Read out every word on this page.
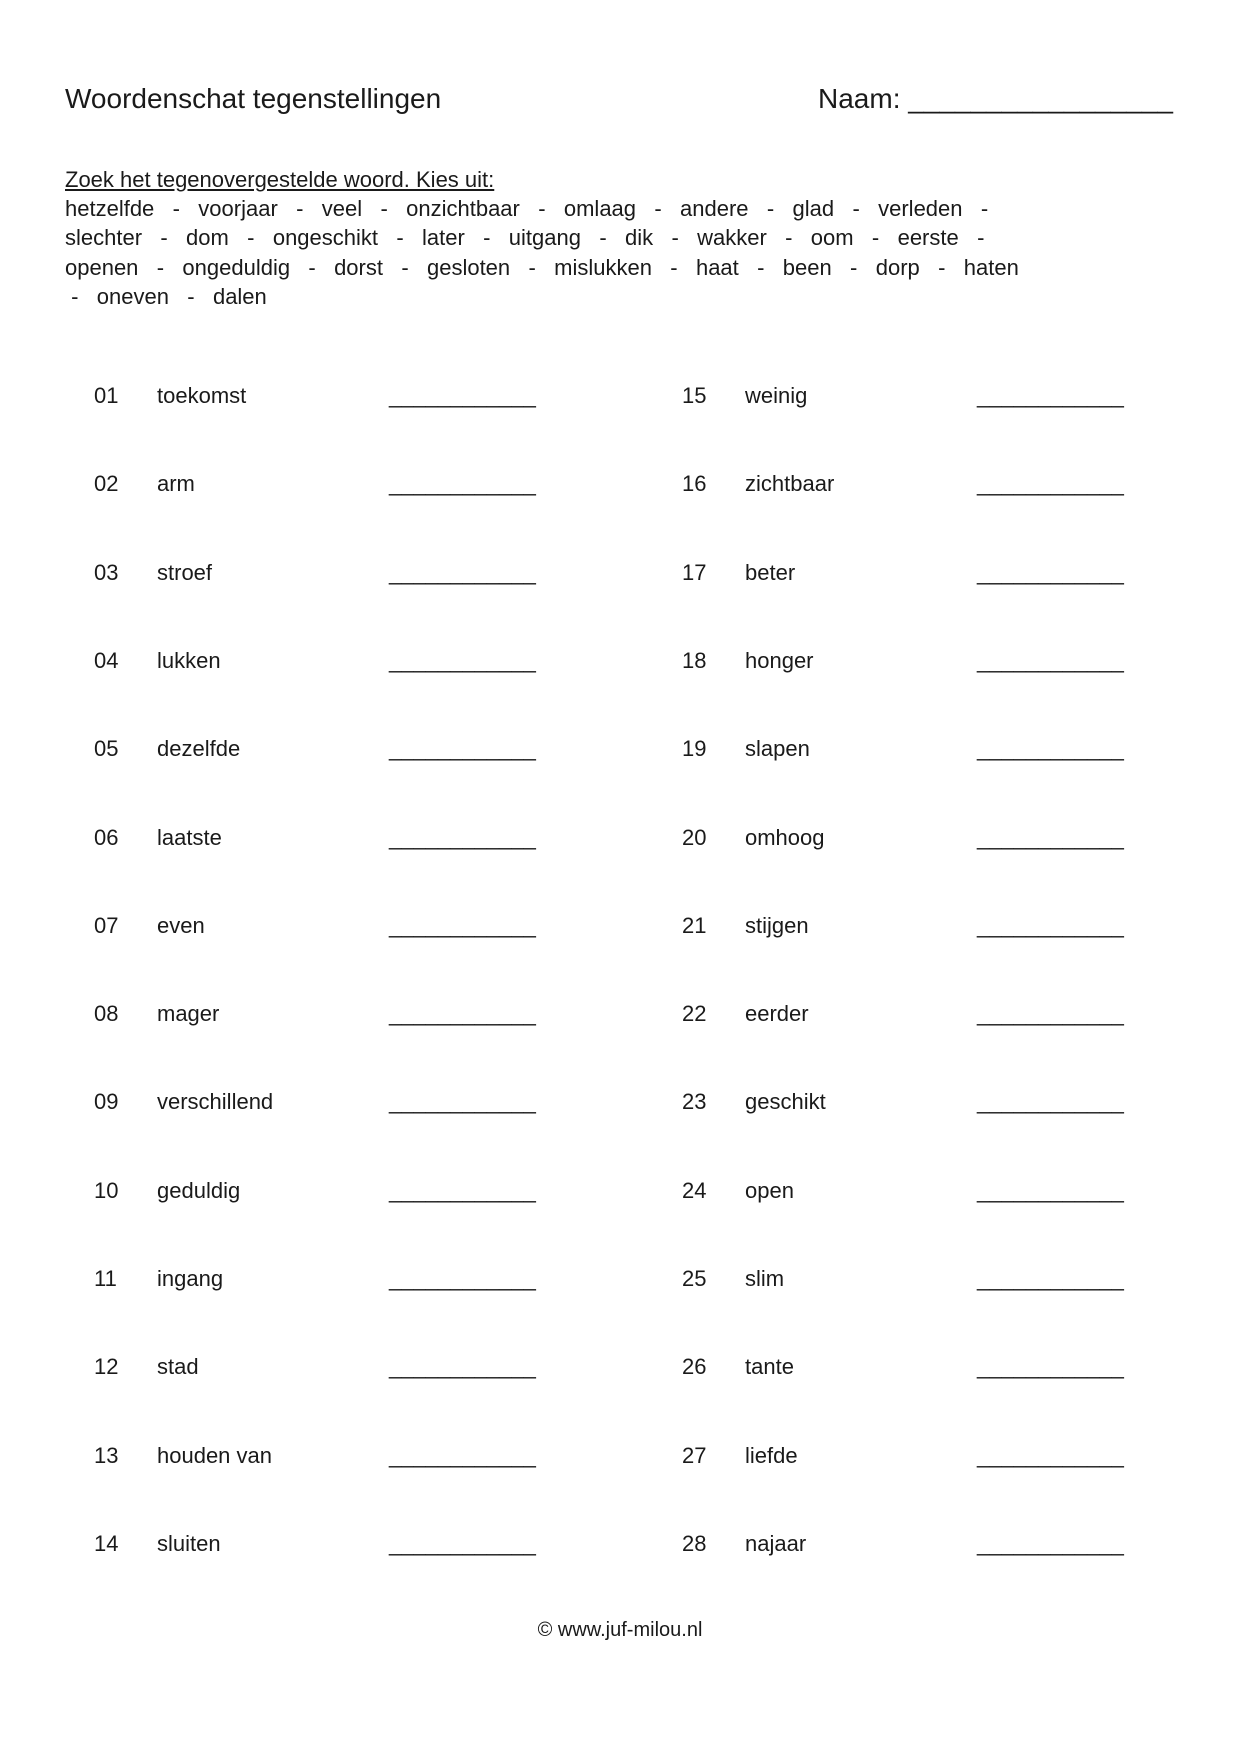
Woordenschat tegenstellingen	Naam: _________________
Zoek het tegenovergestelde woord. Kies uit:
hetzelfde   -   voorjaar   -   veel   -   onzichtbaar   -   omlaag   -   andere   -   glad   -   verleden   -
slechter   -   dom   -   ongeschikt   -   later   -   uitgang   -   dik   -   wakker   -   oom   -   eerste   -
openen   -   ongeduldig   -   dorst   -   gesloten   -   mislukken   -   haat   -   been   -   dorp   -   haten
-   oneven   -   dalen
01 toekomst	____________
02 arm	____________
03 stroef	____________
04 lukken	____________
05 dezelfde	____________
06 laatste	____________
07 even	____________
08 mager	____________
09 verschillend	____________
10 geduldig	____________
11 ingang	____________
12 stad	____________
13 houden van	____________
14 sluiten	____________
15 weinig	____________
16 zichtbaar	____________
17 beter	____________
18 honger	____________
19 slapen	____________
20 omhoog	____________
21 stijgen	____________
22 eerder	____________
23 geschikt	____________
24 open	____________
25 slim	____________
26 tante	____________
27 liefde	____________
28 najaar	____________
© www.juf-milou.nl
